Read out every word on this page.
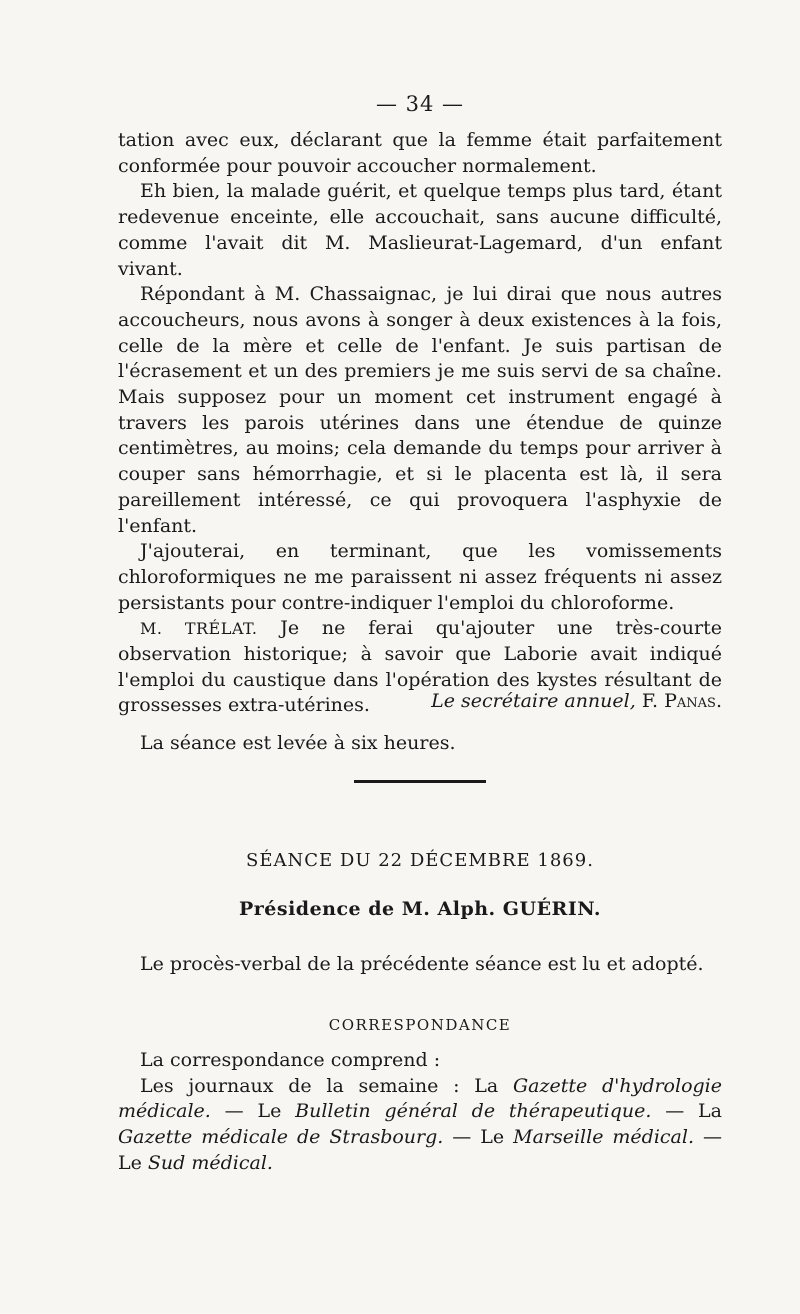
— 34 —

tation avec eux, déclarant que la femme était parfaitement conformée pour pouvoir accoucher normalement.

Eh bien, la malade guérit, et quelque temps plus tard, étant redevenue enceinte, elle accouchait, sans aucune difficulté, comme l'avait dit M. Maslieurat-Lagemard, d'un enfant vivant.

Répondant à M. Chassaignac, je lui dirai que nous autres accoucheurs, nous avons à songer à deux existences à la fois, celle de la mère et celle de l'enfant. Je suis partisan de l'écrasement et un des premiers je me suis servi de sa chaîne. Mais supposez pour un moment cet instrument engagé à travers les parois utérines dans une étendue de quinze centimètres, au moins; cela demande du temps pour arriver à couper sans hémorrhagie, et si le placenta est là, il sera pareillement intéressé, ce qui provoquera l'asphyxie de l'enfant.

J'ajouterai, en terminant, que les vomissements chloroformiques ne me paraissent ni assez fréquents ni assez persistants pour contre-indiquer l'emploi du chloroforme.

M. TRÉLAT. Je ne ferai qu'ajouter une très-courte observation historique; à savoir que Laborie avait indiqué l'emploi du caustique dans l'opération des kystes résultant de grossesses extra-utérines.

La séance est levée à six heures.

Le secrétaire annuel, F. Panas.
SÉANCE DU 22 DÉCEMBRE 1869.
Présidence de M. Alph. GUÉRIN.
Le procès-verbal de la précédente séance est lu et adopté.
CORRESPONDANCE

La correspondance comprend :

Les journaux de la semaine : La Gazette d'hydrologie médicale. — Le Bulletin général de thérapeutique. — La Gazette médicale de Strasbourg. — Le Marseille médical. — Le Sud médical.
